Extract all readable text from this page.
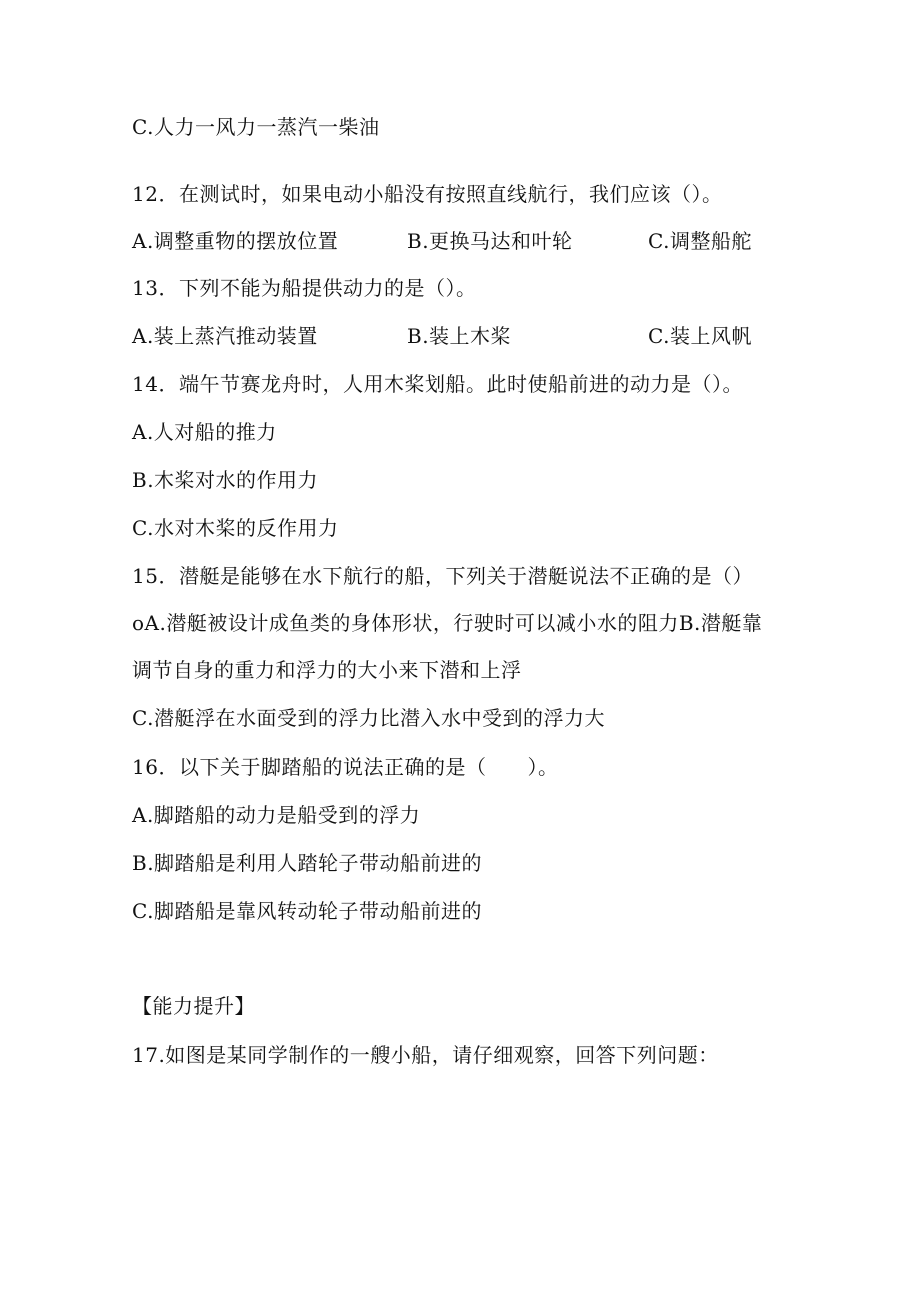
C.人力一风力一蒸汽一柴油
12．在测试时，如果电动小船没有按照直线航行，我们应该（）。
A.调整重物的摆放位置	B.更换马达和叶轮	C.调整船舵
13．下列不能为船提供动力的是（）。
A.装上蒸汽推动装置	B.装上木桨	C.装上风帆
14．端午节赛龙舟时，人用木桨划船。此时使船前进的动力是（）。
A.人对船的推力
B.木桨对水的作用力
C.水对木桨的反作用力
15．潜艇是能够在水下航行的船，下列关于潜艇说法不正确的是（）
oA.潜艇被设计成鱼类的身体形状，行驶时可以减小水的阻力B.潜艇靠调节自身的重力和浮力的大小来下潜和上浮
C.潜艇浮在水面受到的浮力比潜入水中受到的浮力大
16．以下关于脚踏船的说法正确的是（　　）。
A.脚踏船的动力是船受到的浮力
B.脚踏船是利用人踏轮子带动船前进的
C.脚踏船是靠风转动轮子带动船前进的
【能力提升】
17.如图是某同学制作的一艘小船，请仔细观察，回答下列问题：
